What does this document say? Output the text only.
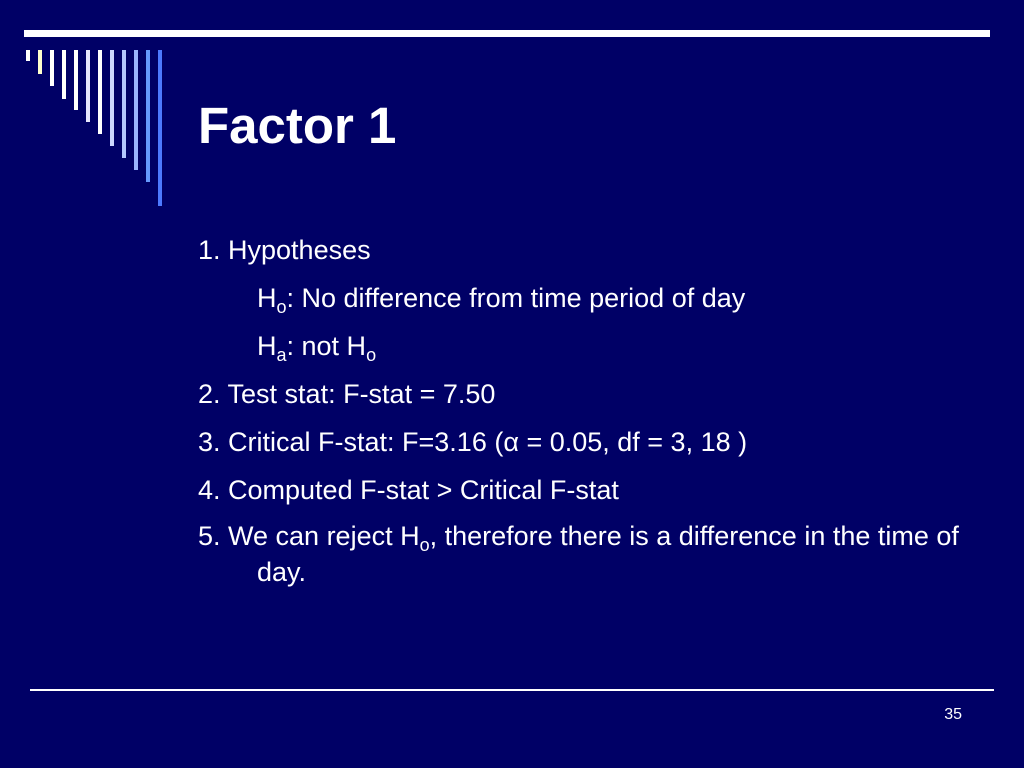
Factor 1
1. Hypotheses
$H_o$: No difference from time period of day
$H_a$: not $H_o$
2. Test stat: F-stat = 7.50
3. Critical F-stat: F=3.16 (α = 0.05, df = 3, 18 )
4. Computed F-stat > Critical F-stat
5. We can reject $H_o$, therefore there is a difference in the time of day.
35
